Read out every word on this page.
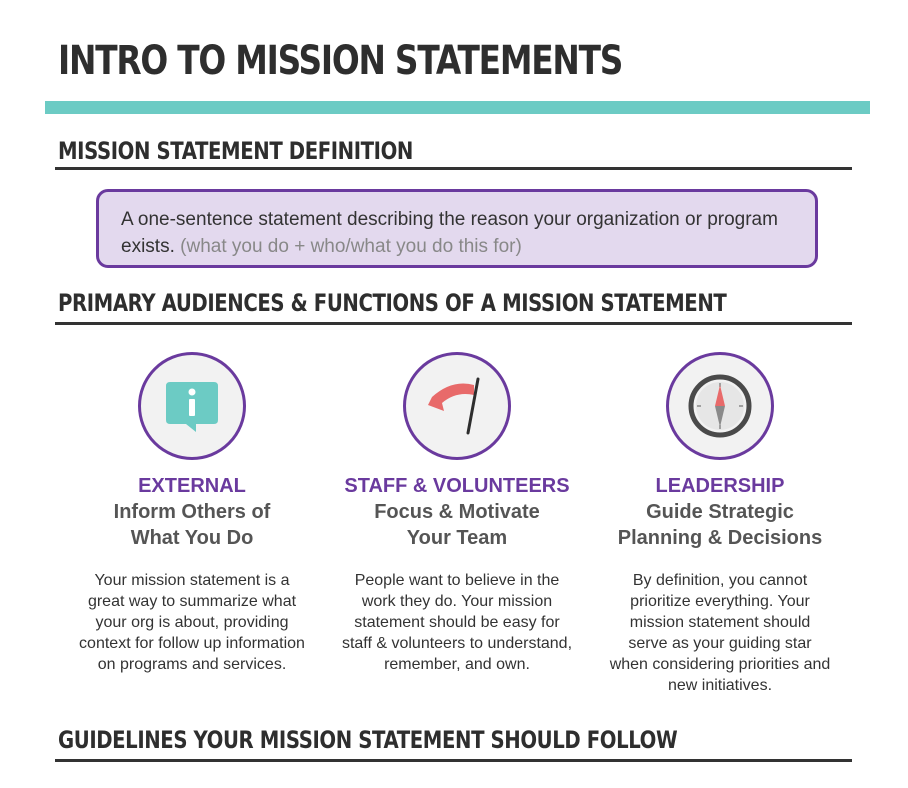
INTRO TO MISSION STATEMENTS
MISSION STATEMENT DEFINITION
A one-sentence statement describing the reason your organization or program exists. (what you do + who/what you do this for)
PRIMARY AUDIENCES & FUNCTIONS OF A MISSION STATEMENT
EXTERNAL
Inform Others of
What You Do
Your mission statement is a great way to summarize what your org is about, providing context for follow up information on programs and services.
STAFF & VOLUNTEERS
Focus & Motivate
Your Team
People want to believe in the work they do. Your mission statement should be easy for staff & volunteers to understand, remember, and own.
LEADERSHIP
Guide Strategic
Planning & Decisions
By definition, you cannot prioritize everything. Your mission statement should serve as your guiding star when considering priorities and new initiatives.
GUIDELINES YOUR MISSION STATEMENT SHOULD FOLLOW
